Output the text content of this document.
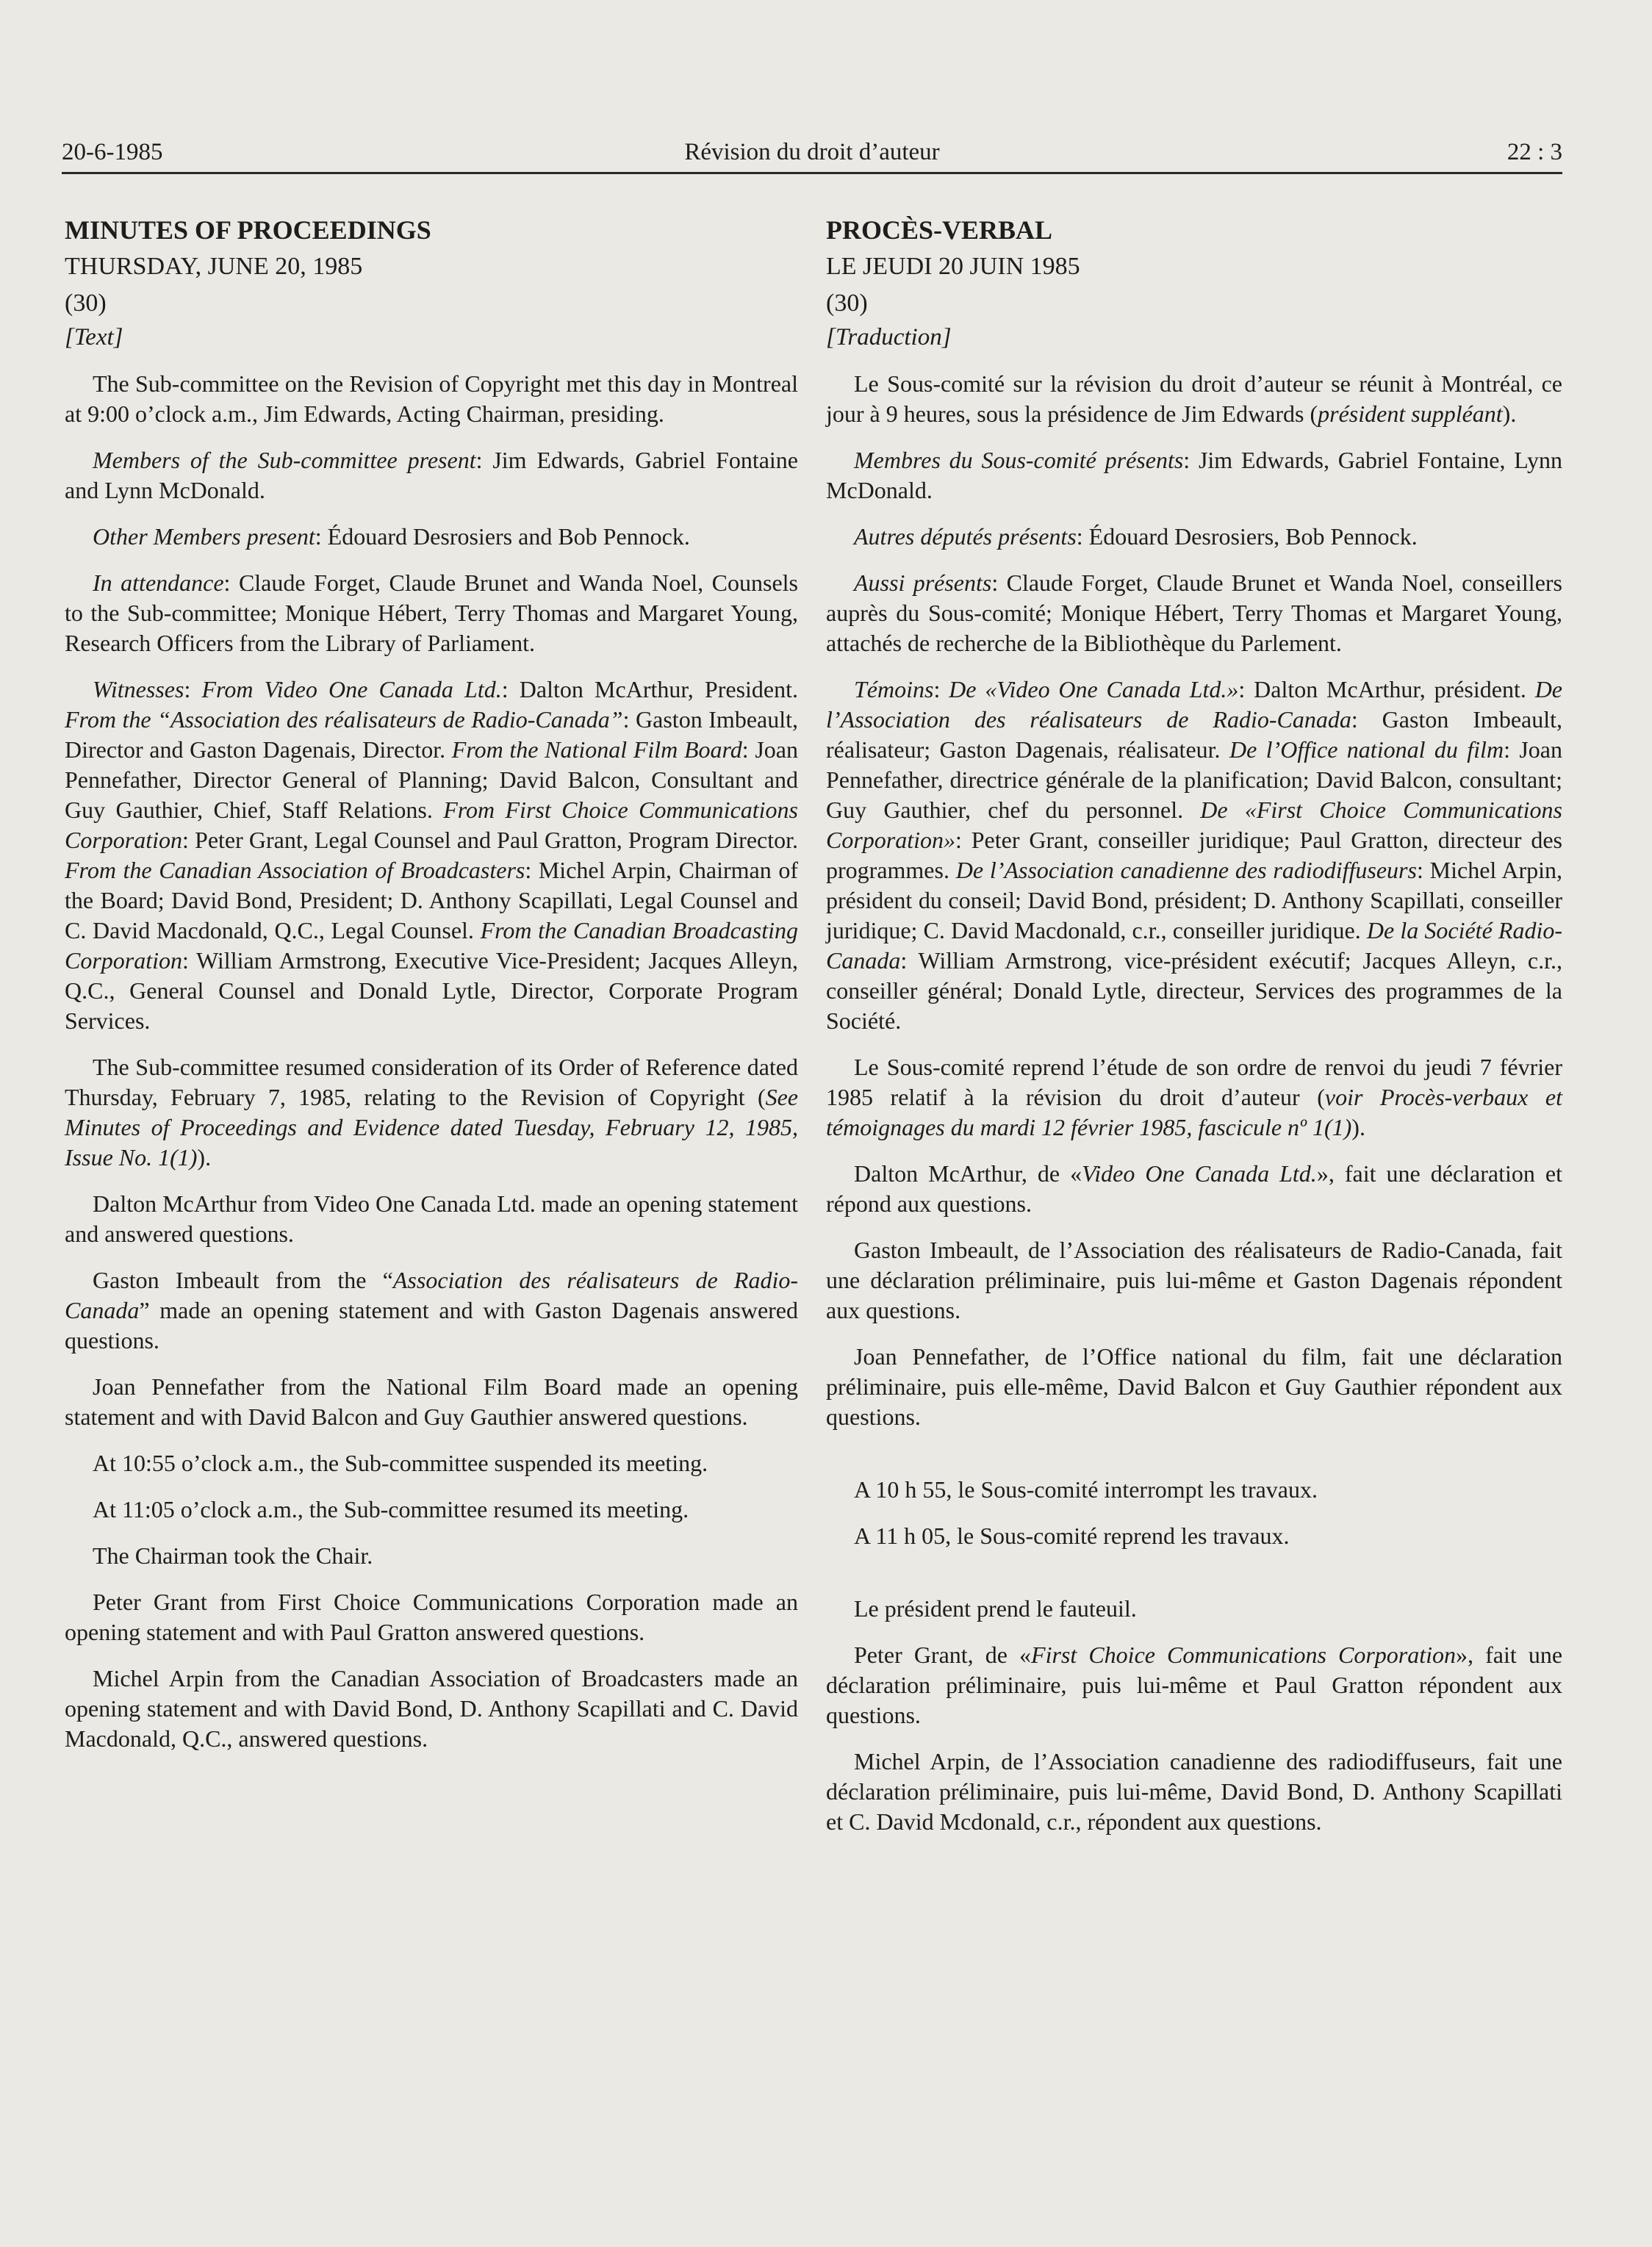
20-6-1985	Révision du droit d’auteur	22 : 3
MINUTES OF PROCEEDINGS
THURSDAY, JUNE 20, 1985
(30)
[Text]

The Sub-committee on the Revision of Copyright met this day in Montreal at 9:00 o’clock a.m., Jim Edwards, Acting Chairman, presiding.

Members of the Sub-committee present: Jim Edwards, Gabriel Fontaine and Lynn McDonald.

Other Members present: Édouard Desrosiers and Bob Pennock.

In attendance: Claude Forget, Claude Brunet and Wanda Noel, Counsels to the Sub-committee; Monique Hébert, Terry Thomas and Margaret Young, Research Officers from the Library of Parliament.

Witnesses: From Video One Canada Ltd.: Dalton McArthur, President. From the “Association des réalisateurs de Radio-Canada”: Gaston Imbeault, Director and Gaston Dagenais, Director. From the National Film Board: Joan Pennefather, Director General of Planning; David Balcon, Consultant and Guy Gauthier, Chief, Staff Relations. From First Choice Communications Corporation: Peter Grant, Legal Counsel and Paul Gratton, Program Director. From the Canadian Association of Broadcasters: Michel Arpin, Chairman of the Board; David Bond, President; D. Anthony Scapillati, Legal Counsel and C. David Macdonald, Q.C., Legal Counsel. From the Canadian Broadcasting Corporation: William Armstrong, Executive Vice-President; Jacques Alleyn, Q.C., General Counsel and Donald Lytle, Director, Corporate Program Services.

The Sub-committee resumed consideration of its Order of Reference dated Thursday, February 7, 1985, relating to the Revision of Copyright (See Minutes of Proceedings and Evidence dated Tuesday, February 12, 1985, Issue No. 1(1)).

Dalton McArthur from Video One Canada Ltd. made an opening statement and answered questions.

Gaston Imbeault from the “Association des réalisateurs de Radio-Canada” made an opening statement and with Gaston Dagenais answered questions.

Joan Pennefather from the National Film Board made an opening statement and with David Balcon and Guy Gauthier answered questions.

At 10:55 o’clock a.m., the Sub-committee suspended its meeting.

At 11:05 o’clock a.m., the Sub-committee resumed its meeting.

The Chairman took the Chair.

Peter Grant from First Choice Communications Corporation made an opening statement and with Paul Gratton answered questions.

Michel Arpin from the Canadian Association of Broadcasters made an opening statement and with David Bond, D. Anthony Scapillati and C. David Macdonald, Q.C., answered questions.

PROCÈS-VERBAL
LE JEUDI 20 JUIN 1985
(30)
[Traduction]

Le Sous-comité sur la révision du droit d’auteur se réunit à Montréal, ce jour à 9 heures, sous la présidence de Jim Edwards (président suppléant).

Membres du Sous-comité présents: Jim Edwards, Gabriel Fontaine, Lynn McDonald.

Autres députés présents: Édouard Desrosiers, Bob Pennock.

Aussi présents: Claude Forget, Claude Brunet et Wanda Noel, conseillers auprès du Sous-comité; Monique Hébert, Terry Thomas et Margaret Young, attachés de recherche de la Bibliothèque du Parlement.

Témoins: De «Video One Canada Ltd.»: Dalton McArthur, président. De l’Association des réalisateurs de Radio-Canada: Gaston Imbeault, réalisateur; Gaston Dagenais, réalisateur. De l’Office national du film: Joan Pennefather, directrice générale de la planification; David Balcon, consultant; Guy Gauthier, chef du personnel. De «First Choice Communications Corporation»: Peter Grant, conseiller juridique; Paul Gratton, directeur des programmes. De l’Association canadienne des radiodiffuseurs: Michel Arpin, président du conseil; David Bond, président; D. Anthony Scapillati, conseiller juridique; C. David Macdonald, c.r., conseiller juridique. De la Société Radio-Canada: William Armstrong, vice-président exécutif; Jacques Alleyn, c.r., conseiller général; Donald Lytle, directeur, Services des programmes de la Société.

Le Sous-comité reprend l’étude de son ordre de renvoi du jeudi 7 février 1985 relatif à la révision du droit d’auteur (voir Procès-verbaux et témoignages du mardi 12 février 1985, fascicule nº 1(1)).

Dalton McArthur, de «Video One Canada Ltd.», fait une déclaration et répond aux questions.

Gaston Imbeault, de l’Association des réalisateurs de Radio-Canada, fait une déclaration préliminaire, puis lui-même et Gaston Dagenais répondent aux questions.

Joan Pennefather, de l’Office national du film, fait une déclaration préliminaire, puis elle-même, David Balcon et Guy Gauthier répondent aux questions.

A 10 h 55, le Sous-comité interrompt les travaux.

A 11 h 05, le Sous-comité reprend les travaux.

Le président prend le fauteuil.

Peter Grant, de «First Choice Communications Corporation», fait une déclaration préliminaire, puis lui-même et Paul Gratton répondent aux questions.

Michel Arpin, de l’Association canadienne des radiodiffuseurs, fait une déclaration préliminaire, puis lui-même, David Bond, D. Anthony Scapillati et C. David Mcdonald, c.r., répondent aux questions.
